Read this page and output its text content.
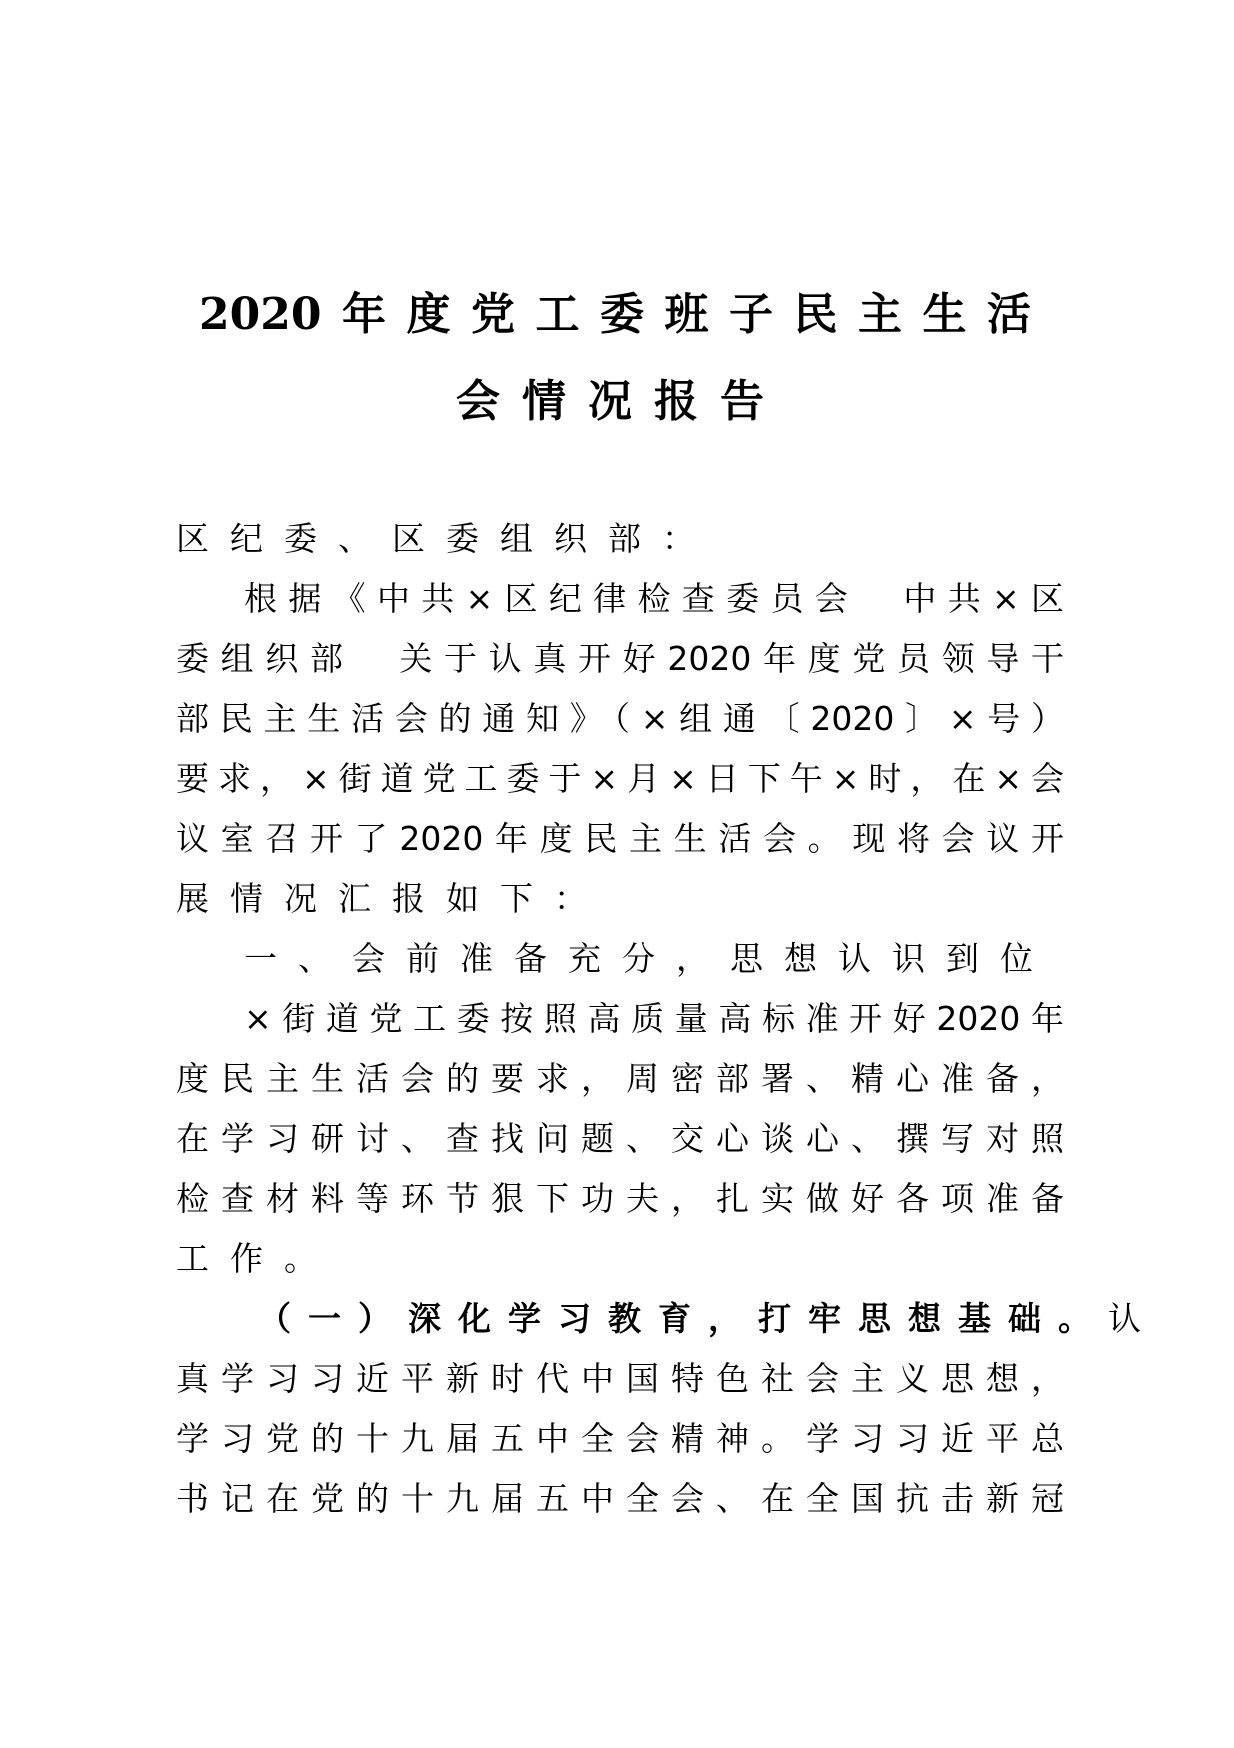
2020年度党工委班子民主生活
会情况报告
区纪委、区委组织部：
根据《中共×区纪律检查委员会　中共×区
委组织部　关于认真开好2020年度党员领导干
部民主生活会的通知》（×组通〔2020〕×号）
要求，×街道党工委于×月×日下午×时，在×会
议室召开了2020年度民主生活会。现将会议开
展情况汇报如下：
一、会前准备充分，思想认识到位
×街道党工委按照高质量高标准开好2020年
度民主生活会的要求，周密部署、精心准备，
在学习研讨、查找问题、交心谈心、撰写对照
检查材料等环节狠下功夫，扎实做好各项准备
工作。
（一）深化学习教育，打牢思想基础。 认
真学习习近平新时代中国特色社会主义思想，
学习党的十九届五中全会精神。学习习近平总
书记在党的十九届五中全会、在全国抗击新冠
